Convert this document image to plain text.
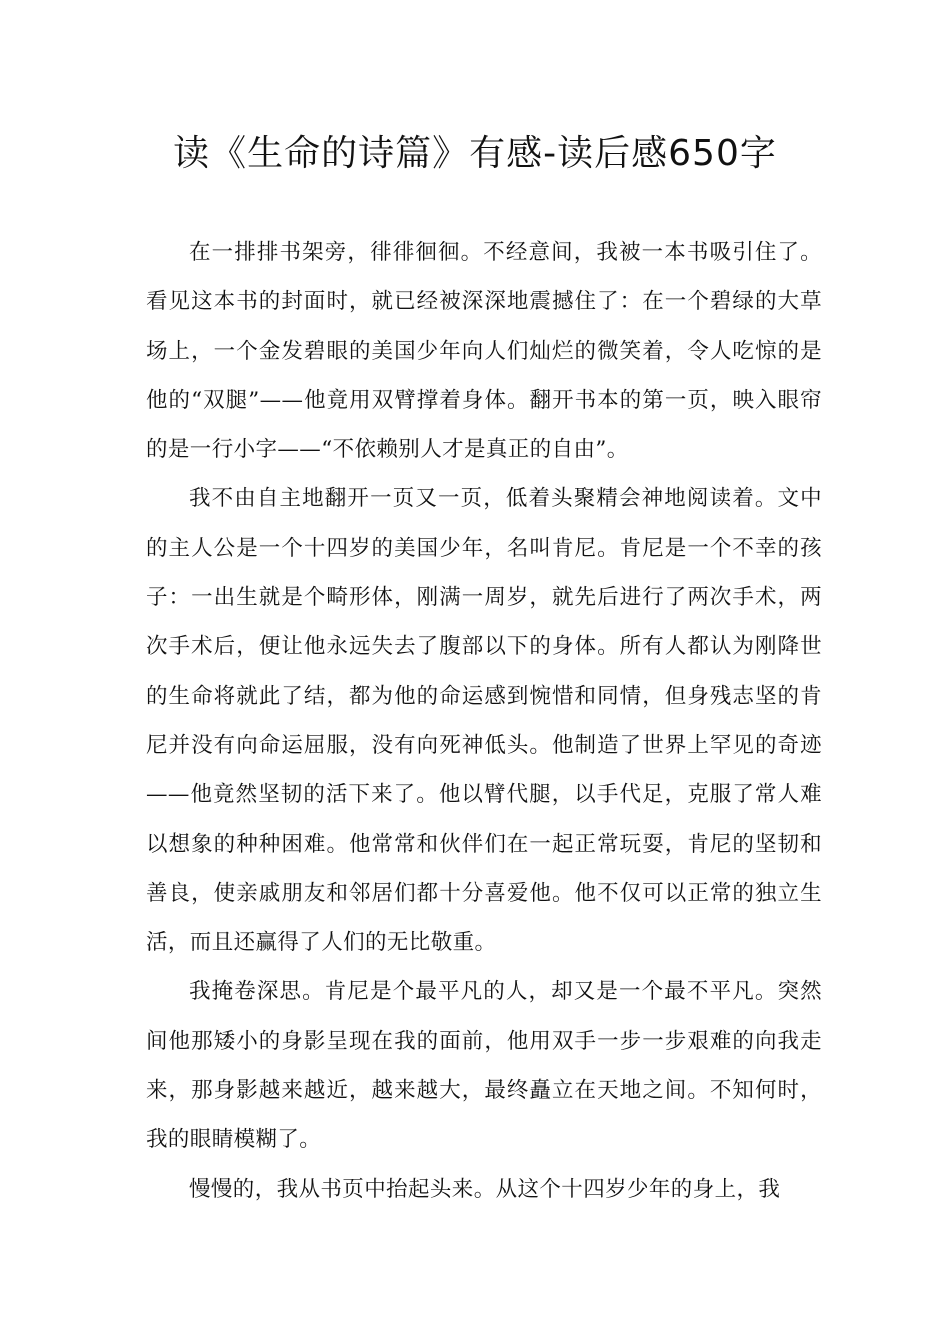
读《生命的诗篇》有感-读后感650字

在一排排书架旁，徘徘徊徊。不经意间，我被一本书吸引住了。看见这本书的封面时，就已经被深深地震撼住了：在一个碧绿的大草场上，一个金发碧眼的美国少年向人们灿烂的微笑着，令人吃惊的是他的“双腿”——他竟用双臂撑着身体。翻开书本的第一页，映入眼帘的是一行小字——“不依赖别人才是真正的自由”。

我不由自主地翻开一页又一页，低着头聚精会神地阅读着。文中的主人公是一个十四岁的美国少年，名叫肯尼。肯尼是一个不幸的孩子：一出生就是个畸形体，刚满一周岁，就先后进行了两次手术，两次手术后，便让他永远失去了腹部以下的身体。所有人都认为刚降世的生命将就此了结，都为他的命运感到惋惜和同情，但身残志坚的肯尼并没有向命运屈服，没有向死神低头。他制造了世界上罕见的奇迹——他竟然坚韧的活下来了。他以臂代腿，以手代足，克服了常人难以想象的种种困难。他常常和伙伴们在一起正常玩耍，肯尼的坚韧和善良，使亲戚朋友和邻居们都十分喜爱他。他不仅可以正常的独立生活，而且还赢得了人们的无比敬重。

我掩卷深思。肯尼是个最平凡的人，却又是一个最不平凡。突然间他那矮小的身影呈现在我的面前，他用双手一步一步艰难的向我走来，那身影越来越近，越来越大，最终矗立在天地之间。不知何时，我的眼睛模糊了。

慢慢的，我从书页中抬起头来。从这个十四岁少年的身上，我
